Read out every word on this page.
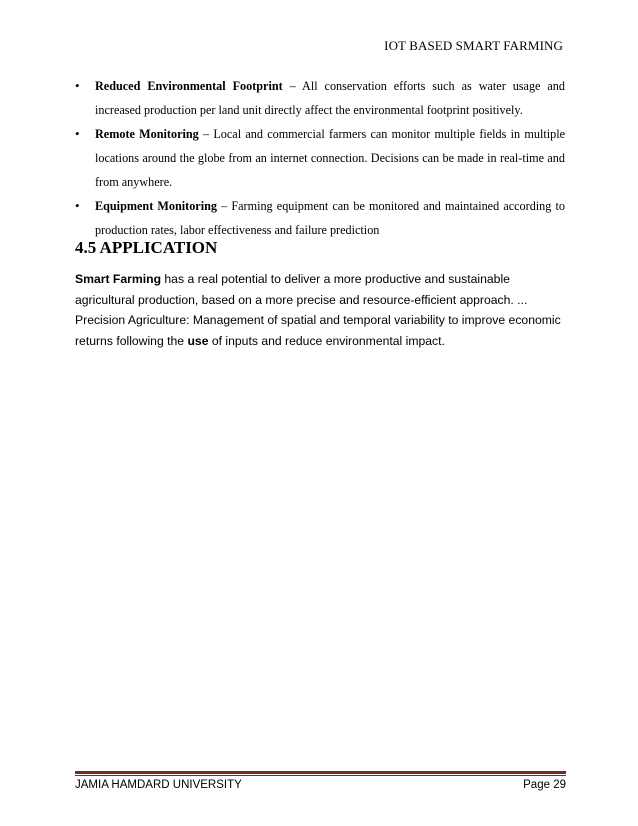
IOT BASED SMART FARMING
• Reduced Environmental Footprint – All conservation efforts such as water usage and increased production per land unit directly affect the environmental footprint positively.
• Remote Monitoring – Local and commercial farmers can monitor multiple fields in multiple locations around the globe from an internet connection. Decisions can be made in real-time and from anywhere.
• Equipment Monitoring – Farming equipment can be monitored and maintained according to production rates, labor effectiveness and failure prediction
4.5 APPLICATION

Smart Farming has a real potential to deliver a more productive and sustainable agricultural production, based on a more precise and resource-efficient approach. ... Precision Agriculture: Management of spatial and temporal variability to improve economic returns following the use of inputs and reduce environmental impact.

JAMIA HAMDARD UNIVERSITY	Page 29
